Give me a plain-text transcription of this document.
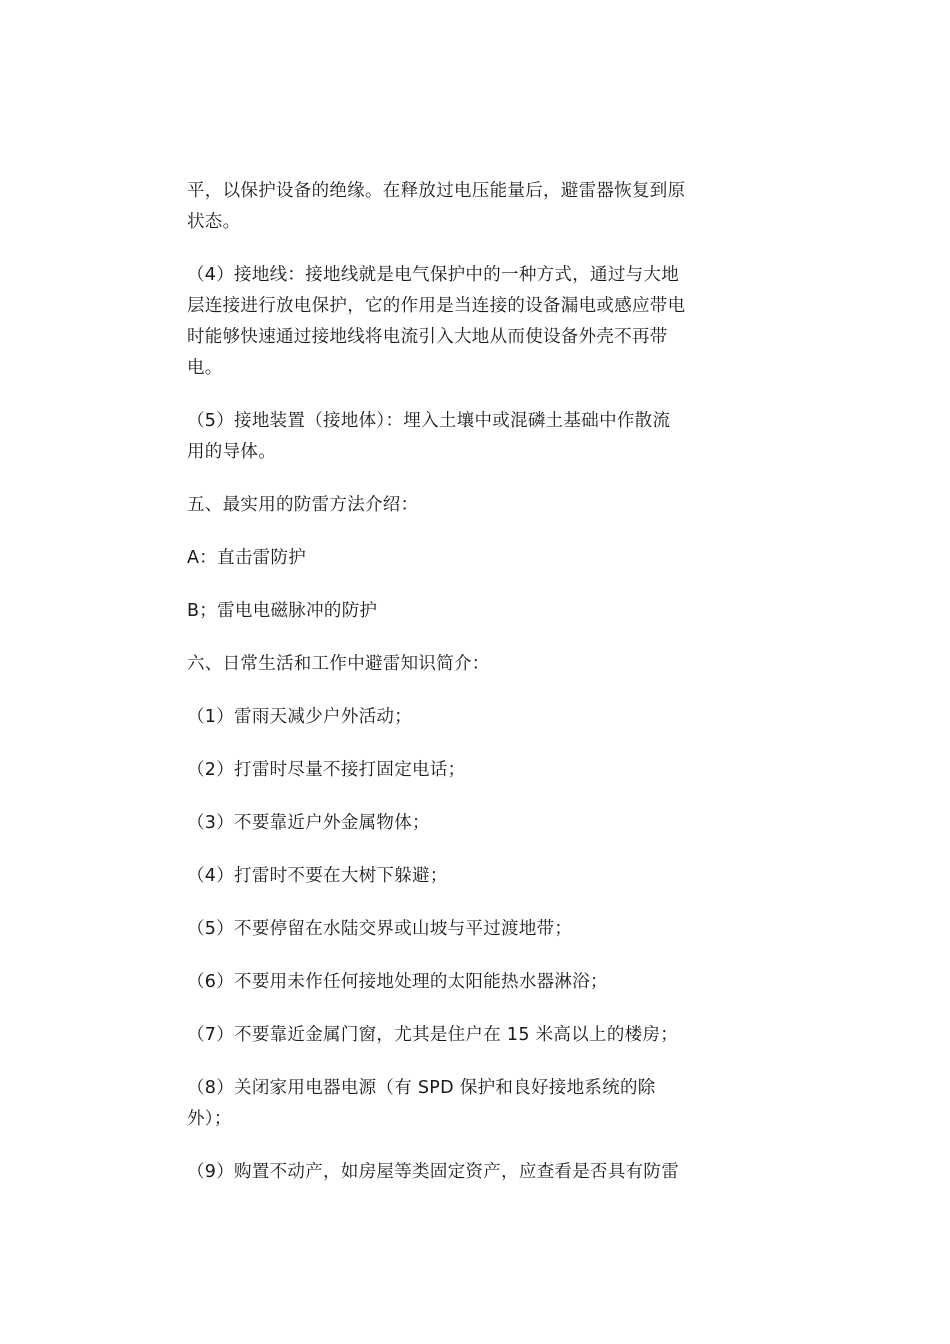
平，以保护设备的绝缘。在释放过电压能量后，避雷器恢复到原
状态。

（4）接地线：接地线就是电气保护中的一种方式，通过与大地
层连接进行放电保护，它的作用是当连接的设备漏电或感应带电
时能够快速通过接地线将电流引入大地从而使设备外壳不再带
电。

（5）接地装置（接地体）：埋入土壤中或混磷土基础中作散流
用的导体。

五、最实用的防雷方法介绍：

A：直击雷防护

B；雷电电磁脉冲的防护

六、日常生活和工作中避雷知识简介：

（1）雷雨天减少户外活动；

（2）打雷时尽量不接打固定电话；

（3）不要靠近户外金属物体；

（4）打雷时不要在大树下躲避；

（5）不要停留在水陆交界或山坡与平过渡地带；

（6）不要用未作任何接地处理的太阳能热水器淋浴；

（7）不要靠近金属门窗，尤其是住户在 15 米高以上的楼房；

（8）关闭家用电器电源（有 SPD 保护和良好接地系统的除
外）；

（9）购置不动产，如房屋等类固定资产，应查看是否具有防雷
